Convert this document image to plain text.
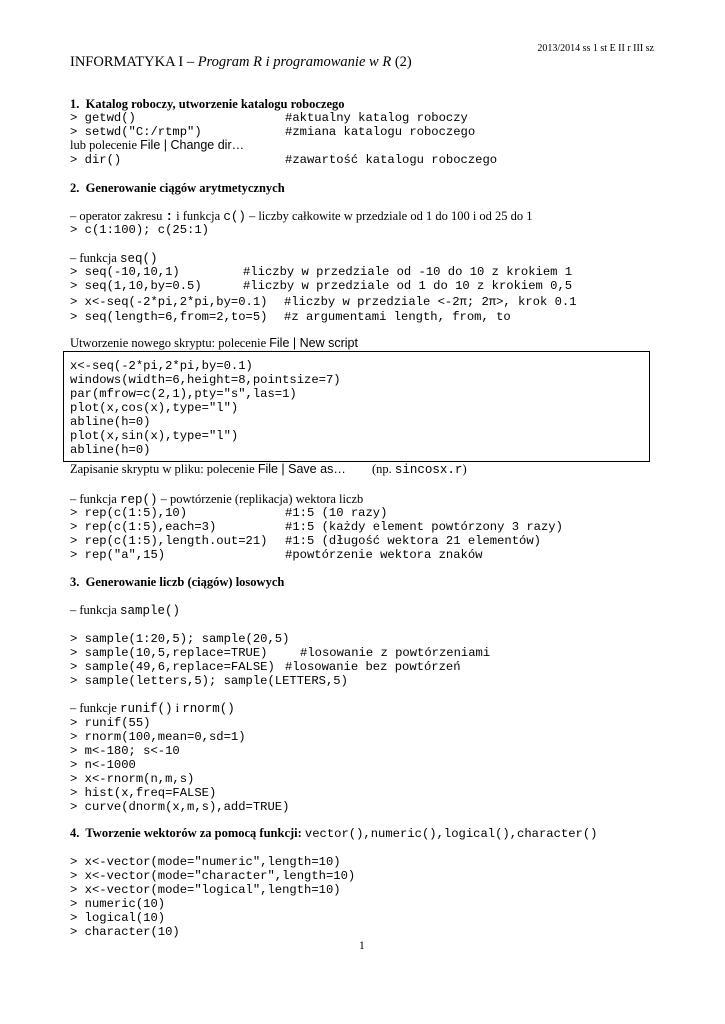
2013/2014 ss 1 st E II r III sz
INFORMATYKA I – Program R i programowanie w R (2)
1.  Katalog roboczy, utworzenie katalogu roboczego
> getwd()	#aktualny katalog roboczy
> setwd("C:/rtmp")	#zmiana katalogu roboczego
lub polecenie File | Change dir…
> dir()	#zawartość katalogu roboczego
2.  Generowanie ciągów arytmetycznych
– operator zakresu : i funkcja c() – liczby całkowite w przedziale od 1 do 100 i od 25 do 1
> c(1:100); c(25:1)
– funkcja seq()
> seq(-10,10,1)	#liczby w przedziale od -10 do 10 z krokiem 1
> seq(1,10,by=0.5)	#liczby w przedziale od 1 do 10 z krokiem 0,5
> x<-seq(-2*pi,2*pi,by=0.1) #liczby w przedziale <-2π; 2π>, krok 0.1
> seq(length=6,from=2,to=5) #z argumentami length, from, to
Utworzenie nowego skryptu: polecenie File | New script
x<-seq(-2*pi,2*pi,by=0.1)
windows(width=6,height=8,pointsize=7)
par(mfrow=c(2,1),pty="s",las=1)
plot(x,cos(x),type="l")
abline(h=0)
plot(x,sin(x),type="l")
abline(h=0)
Zapisanie skryptu w pliku: polecenie File | Save as… (np. sincosx.r)
– funkcja rep() – powtórzenie (replikacja) wektora liczb
> rep(c(1:5),10)	#1:5 (10 razy)
> rep(c(1:5),each=3)	#1:5 (każdy element powtórzony 3 razy)
> rep(c(1:5),length.out=21) #1:5 (długość wektora 21 elementów)
> rep("a",15)	#powtórzenie wektora znaków
3.  Generowanie liczb (ciągów) losowych
– funkcja sample()
> sample(1:20,5); sample(20,5)
> sample(10,5,replace=TRUE)	#losowanie z powtórzeniami
> sample(49,6,replace=FALSE) #losowanie bez powtórzeń
> sample(letters,5); sample(LETTERS,5)
– funkcje runif() i rnorm()
> runif(55)
> rnorm(100,mean=0,sd=1)
> m<-180; s<-10
> n<-1000
> x<-rnorm(n,m,s)
> hist(x,freq=FALSE)
> curve(dnorm(x,m,s),add=TRUE)
4.  Tworzenie wektorów za pomocą funkcji: vector(),numeric(),logical(),character()
> x<-vector(mode="numeric",length=10)
> x<-vector(mode="character",length=10)
> x<-vector(mode="logical",length=10)
> numeric(10)
> logical(10)
> character(10)
1
